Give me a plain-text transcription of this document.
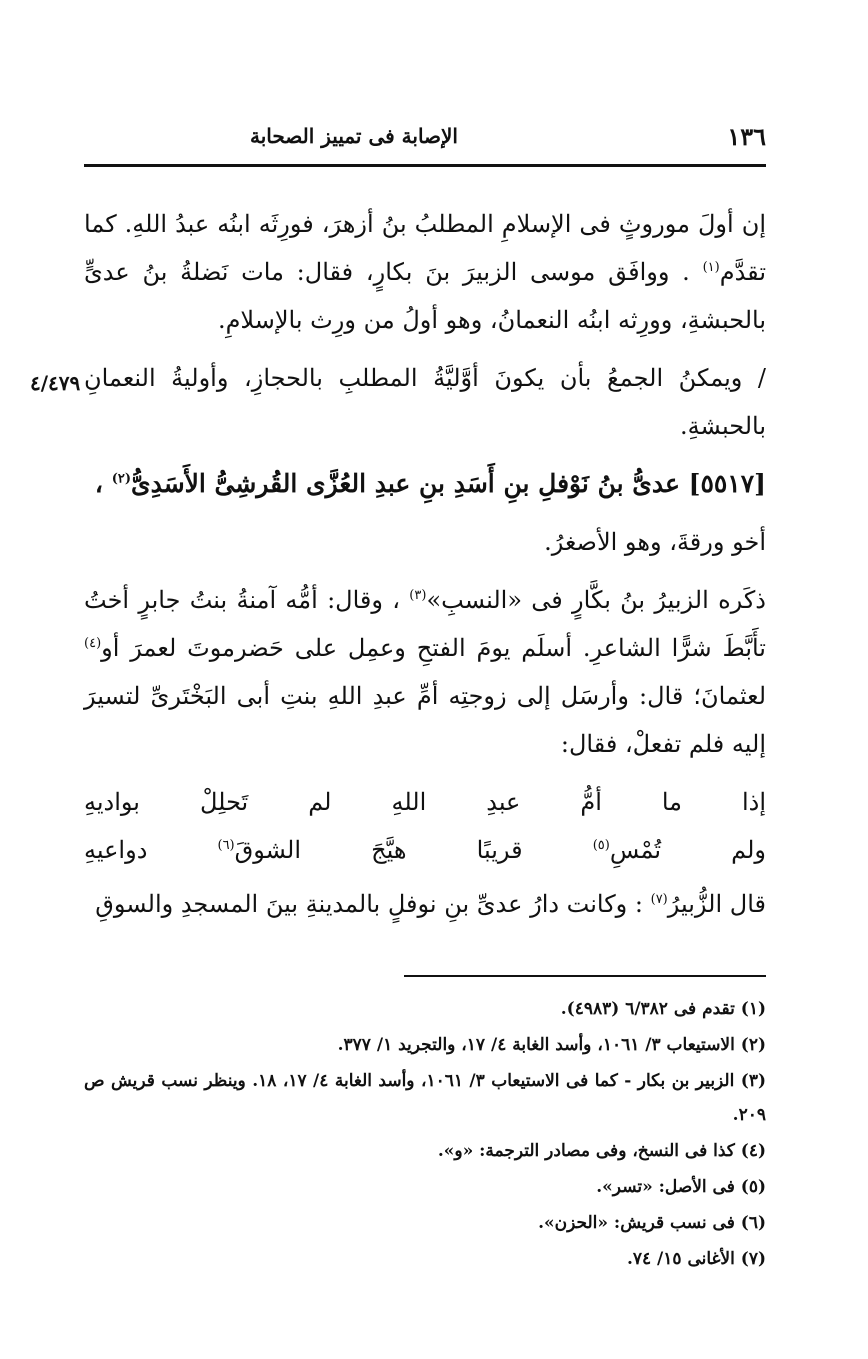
١٣٦
الإصابة فى تمييز الصحابة
٤/٤٧٩

إن أولَ موروثٍ فى الإسلامِ المطلبُ بنُ أزهرَ، فورِثَه ابنُه عبدُ اللهِ. كما تقدَّم$^{(١)}$ . ووافَق موسى الزبيرَ بنَ بكارٍ، فقال: مات نَضلةُ بنُ عدىٍّ بالحبشةِ، وورِثه ابنُه النعمانُ، وهو أولُ من ورِث بالإسلامِ.

/ ويمكنُ الجمعُ بأن يكونَ أوَّليَّةُ المطلبِ بالحجازِ، وأوليةُ النعمانِ بالحبشةِ.

[٥٥١٧] عدىُّ بنُ نَوْفلِ بنِ أَسَدِ بنِ عبدِ العُزَّى القُرشِىُّ الأَسَدِىُّ$^{(٢)}$ ،

أخو ورقةَ، وهو الأصغرُ.

ذكَره الزبيرُ بنُ بكَّارٍ فى «النسبِ»$^{(٣)}$ ، وقال: أمُّه آمنةُ بنتُ جابرٍ أختُ تأَبَّطَ شرًّا الشاعرِ. أسلَم يومَ الفتحِ وعمِل على حَضرموتَ لعمرَ أو$^{(٤)}$ لعثمانَ؛ قال: وأرسَل إلى زوجتِه أمِّ عبدِ اللهِ بنتِ أبى البَخْتَرىِّ لتسيرَ إليه فلم تفعلْ، فقال:

إذا ما أمُّ عبدِ اللهِ لم تَحلِلْ بواديهِ
ولم تُمْسِ$^{(٥)}$ قريبًا هيَّجَ الشوقَ$^{(٦)}$ دواعيهِ

قال الزُّبيرُ$^{(٧)}$ : وكانت دارُ عدىِّ بنِ نوفلٍ بالمدينةِ بينَ المسجدِ والسوقِ

(١) تقدم فى ٦/٣٨٢ (٤٩٨٣).
(٢) الاستيعاب ٣/ ١٠٦١، وأسد الغابة ٤/ ١٧، والتجريد ١/ ٣٧٧.
(٣) الزبير بن بكار - كما فى الاستيعاب ٣/ ١٠٦١، وأسد الغابة ٤/ ١٧، ١٨. وينظر نسب قريش ص ٢٠٩.
(٤) كذا فى النسخ، وفى مصادر الترجمة: «و».
(٥) فى الأصل: «تسر».
(٦) فى نسب قريش: «الحزن».
(٧) الأغانى ١٥/ ٧٤.
